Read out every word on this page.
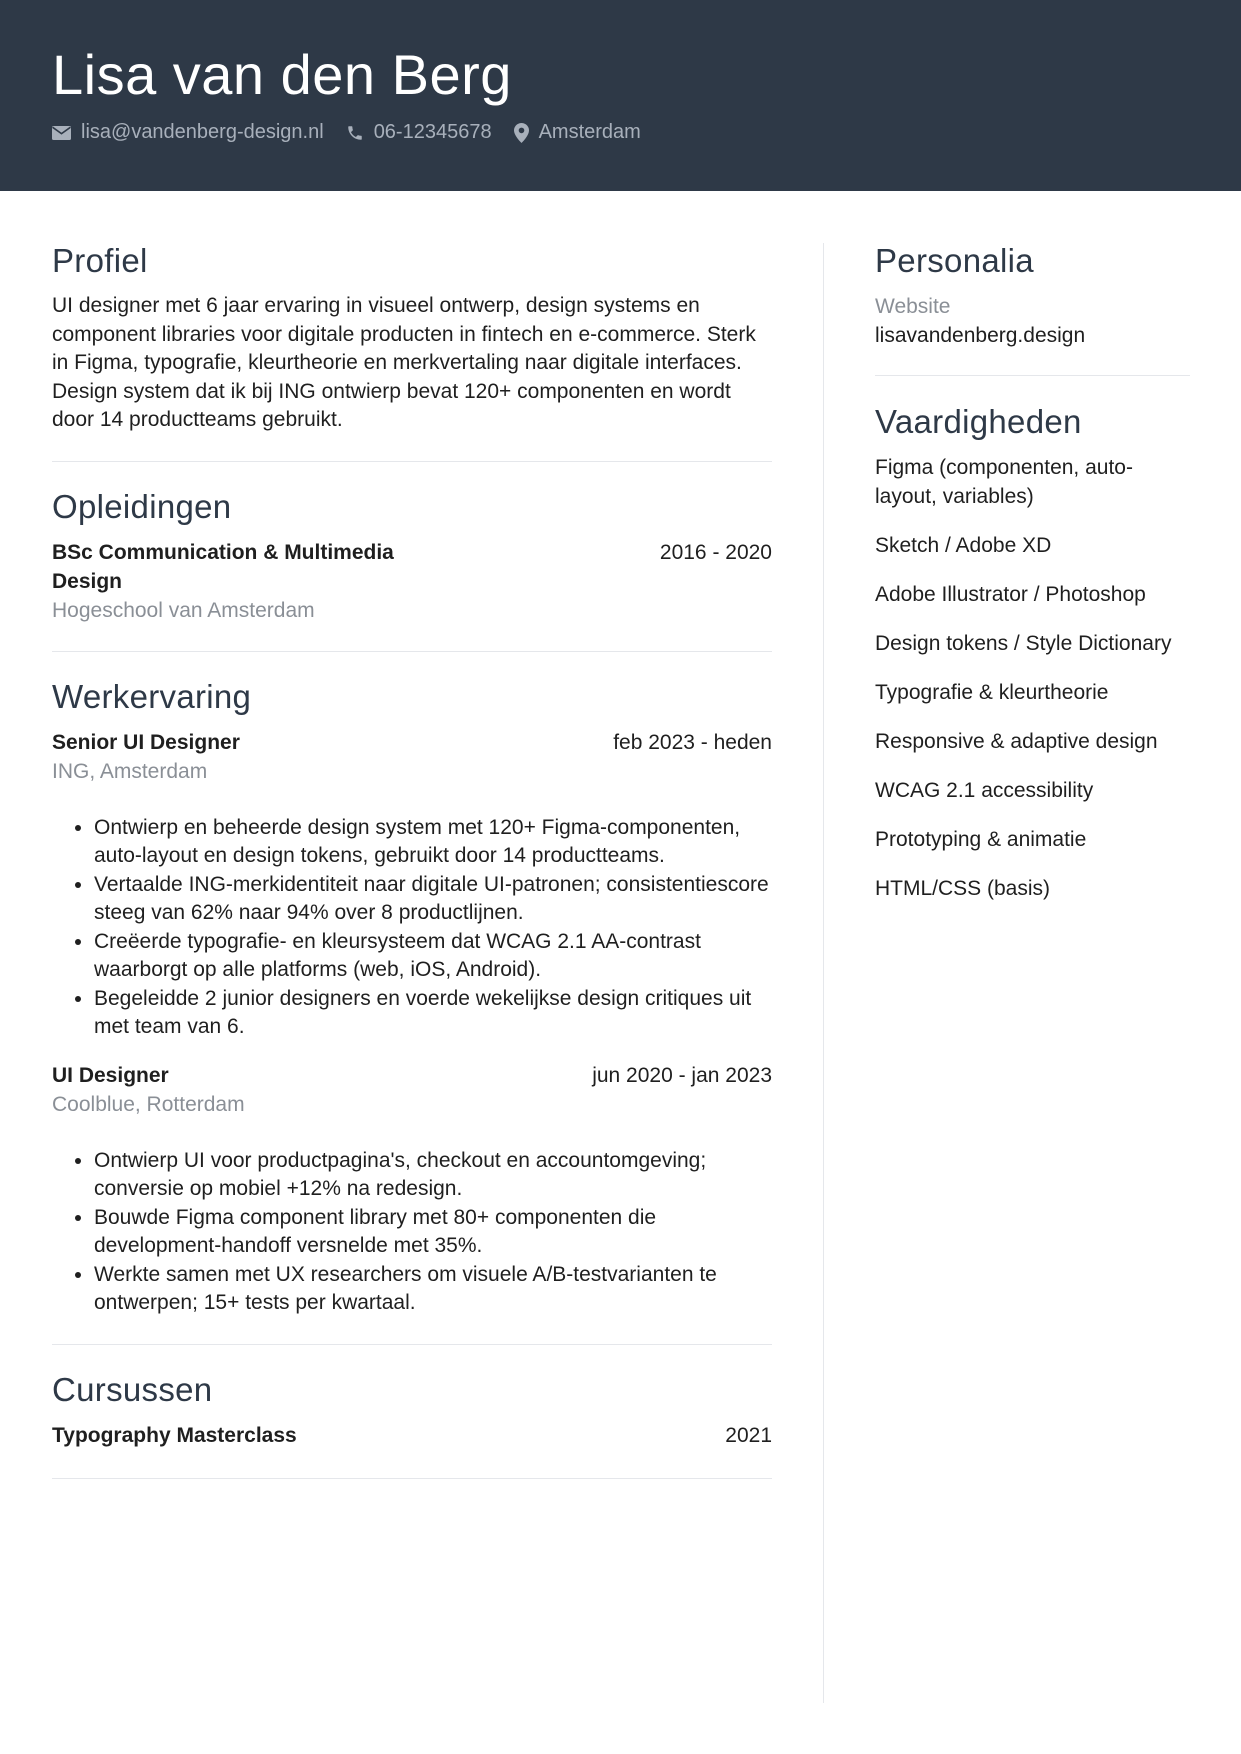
Lisa van den Berg
lisa@vandenberg-design.nl	06-12345678 Amsterdam
Profiel

UI designer met 6 jaar ervaring in visueel ontwerp, design systems en component libraries voor digitale producten in fintech en e-commerce. Sterk in Figma, typografie, kleurtheorie en merkvertaling naar digitale interfaces. Design system dat ik bij ING ontwierp bevat 120+ componenten en wordt door 14 productteams gebruikt.

Opleidingen
BSc Communication & Multimedia Design
2016 - 2020
Hogeschool van Amsterdam
Werkervaring
Senior UI Designer	feb 2023 - heden
ING, Amsterdam
• Ontwierp en beheerde design system met 120+ Figma-componenten, auto-layout en design tokens, gebruikt door 14 productteams.
• Vertaalde ING-merkidentiteit naar digitale UI-patronen; consistentiescore steeg van 62% naar 94% over 8 productlijnen.
• Creëerde typografie- en kleursysteem dat WCAG 2.1 AA-contrast waarborgt op alle platforms (web, iOS, Android).
• Begeleidde 2 junior designers en voerde wekelijkse design critiques uit met team van 6.
UI Designer	jun 2020 - jan 2023
Coolblue, Rotterdam
• Ontwierp UI voor productpagina's, checkout en accountomgeving; conversie op mobiel +12% na redesign.
• Bouwde Figma component library met 80+ componenten die development-handoff versnelde met 35%.
• Werkte samen met UX researchers om visuele A/B-testvarianten te ontwerpen; 15+ tests per kwartaal.
Cursussen
Typography Masterclass	2021
Personalia
Website
lisavandenberg.design
Vaardigheden
Figma (componenten, auto-layout, variables)
Sketch / Adobe XD
Adobe Illustrator / Photoshop
Design tokens / Style Dictionary
Typografie & kleurtheorie
Responsive & adaptive design
WCAG 2.1 accessibility
Prototyping & animatie
HTML/CSS (basis)
